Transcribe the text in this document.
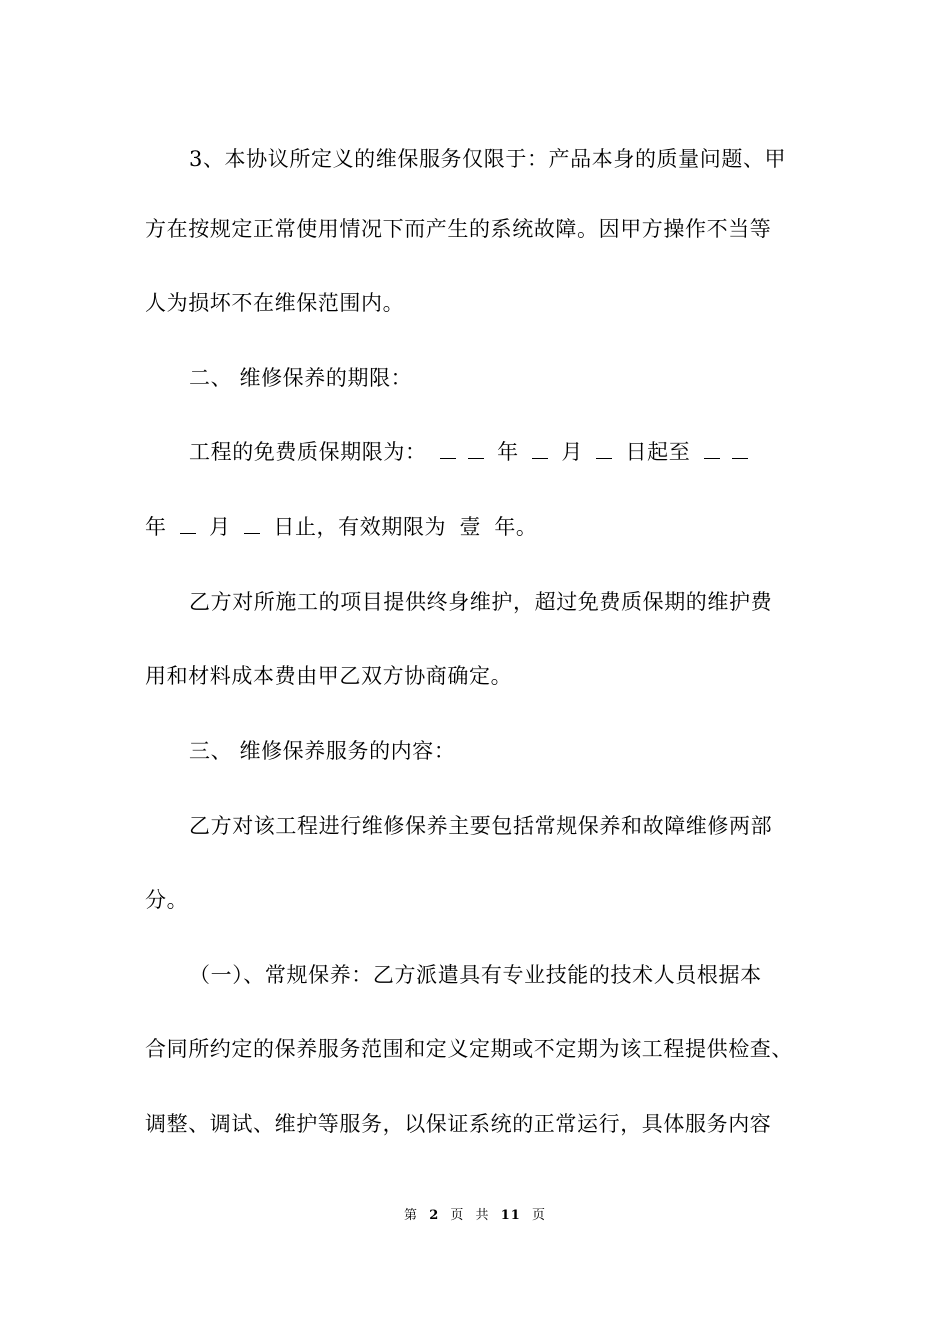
3、本协议所定义的维保服务仅限于：产品本身的质量问题、甲
方在按规定正常使用情况下而产生的系统故障。因甲方操作不当等
人为损坏不在维保范围内。
二、 维修保养的期限：
工程的免费质保期限为：	年 月 日起至
年 月 日止，有效期限为 壹 年。
乙方对所施工的项目提供终身维护，超过免费质保期的维护费
用和材料成本费由甲乙双方协商确定。
三、 维修保养服务的内容：
乙方对该工程进行维修保养主要包括常规保养和故障维修两部
分。
（一）、常规保养：乙方派遣具有专业技能的技术人员根据本
合同所约定的保养服务范围和定义定期或不定期为该工程提供检查、
调整、调试、维护等服务，以保证系统的正常运行，具体服务内容
第 2 页 共 11 页
